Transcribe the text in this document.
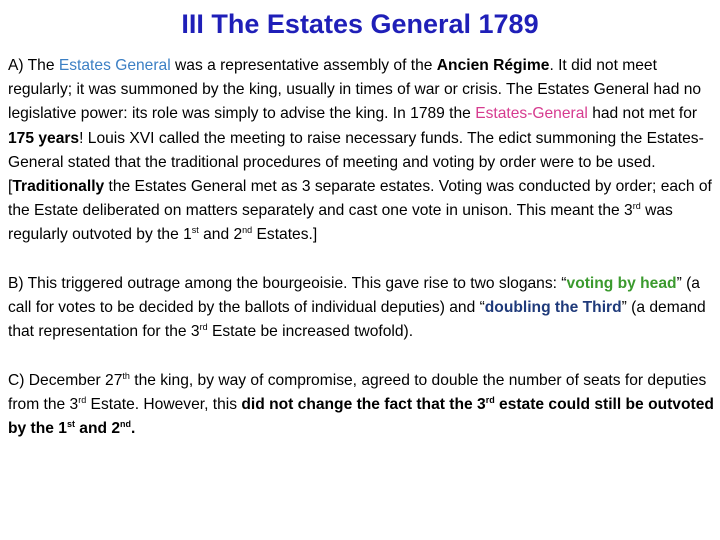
III The Estates General 1789

A) The Estates General was a representative assembly of the Ancien Régime. It did not meet regularly; it was summoned by the king, usually in times of war or crisis. The Estates General had no legislative power: its role was simply to advise the king. In 1789 the Estates-General had not met for 175 years! Louis XVI called the meeting to raise necessary funds. The edict summoning the Estates-General stated that the traditional procedures of meeting and voting by order were to be used. [Traditionally the Estates General met as 3 separate estates. Voting was conducted by order; each of the Estate deliberated on matters separately and cast one vote in unison. This meant the 3rd was regularly outvoted by the 1st and 2nd Estates.]

B) This triggered outrage among the bourgeoisie. This gave rise to two slogans: “voting by head” (a call for votes to be decided by the ballots of individual deputies) and “doubling the Third” (a demand that representation for the 3rd Estate be increased twofold).

C) December 27th the king, by way of compromise, agreed to double the number of seats for deputies from the 3rd Estate. However, this did not change the fact that the 3rd estate could still be outvoted by the 1st and 2nd.
